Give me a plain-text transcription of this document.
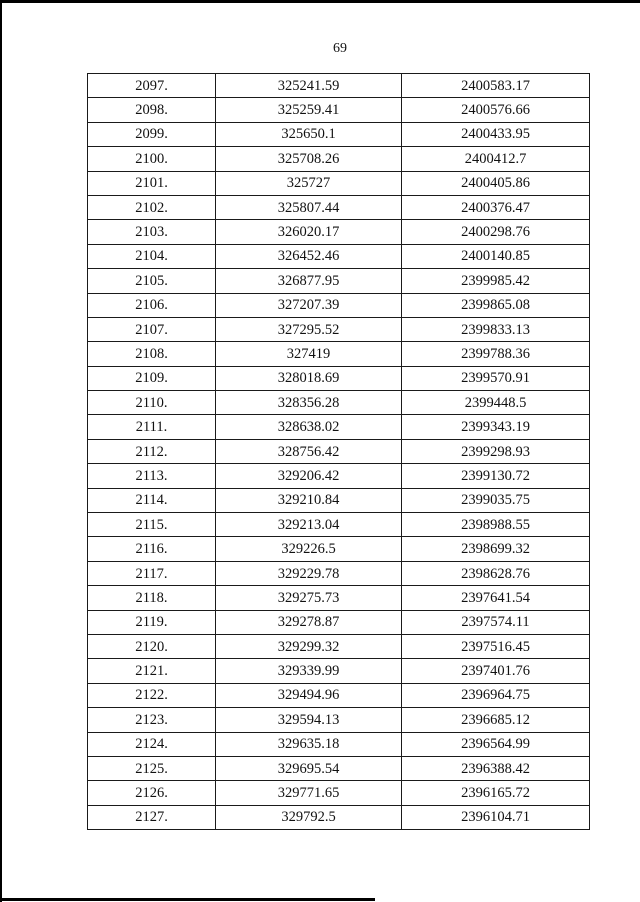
69
2097.	325241.59	2400583.17
2098.	325259.41	2400576.66
2099.	325650.1	2400433.95
2100.	325708.26	2400412.7
2101.	325727	2400405.86
2102.	325807.44	2400376.47
2103.	326020.17	2400298.76
2104.	326452.46	2400140.85
2105.	326877.95	2399985.42
2106.	327207.39	2399865.08
2107.	327295.52	2399833.13
2108.	327419	2399788.36
2109.	328018.69	2399570.91
2110.	328356.28	2399448.5
2111.	328638.02	2399343.19
2112.	328756.42	2399298.93
2113.	329206.42	2399130.72
2114.	329210.84	2399035.75
2115.	329213.04	2398988.55
2116.	329226.5	2398699.32
2117.	329229.78	2398628.76
2118.	329275.73	2397641.54
2119.	329278.87	2397574.11
2120.	329299.32	2397516.45
2121.	329339.99	2397401.76
2122.	329494.96	2396964.75
2123.	329594.13	2396685.12
2124.	329635.18	2396564.99
2125.	329695.54	2396388.42
2126.	329771.65	2396165.72
2127.	329792.5	2396104.71
